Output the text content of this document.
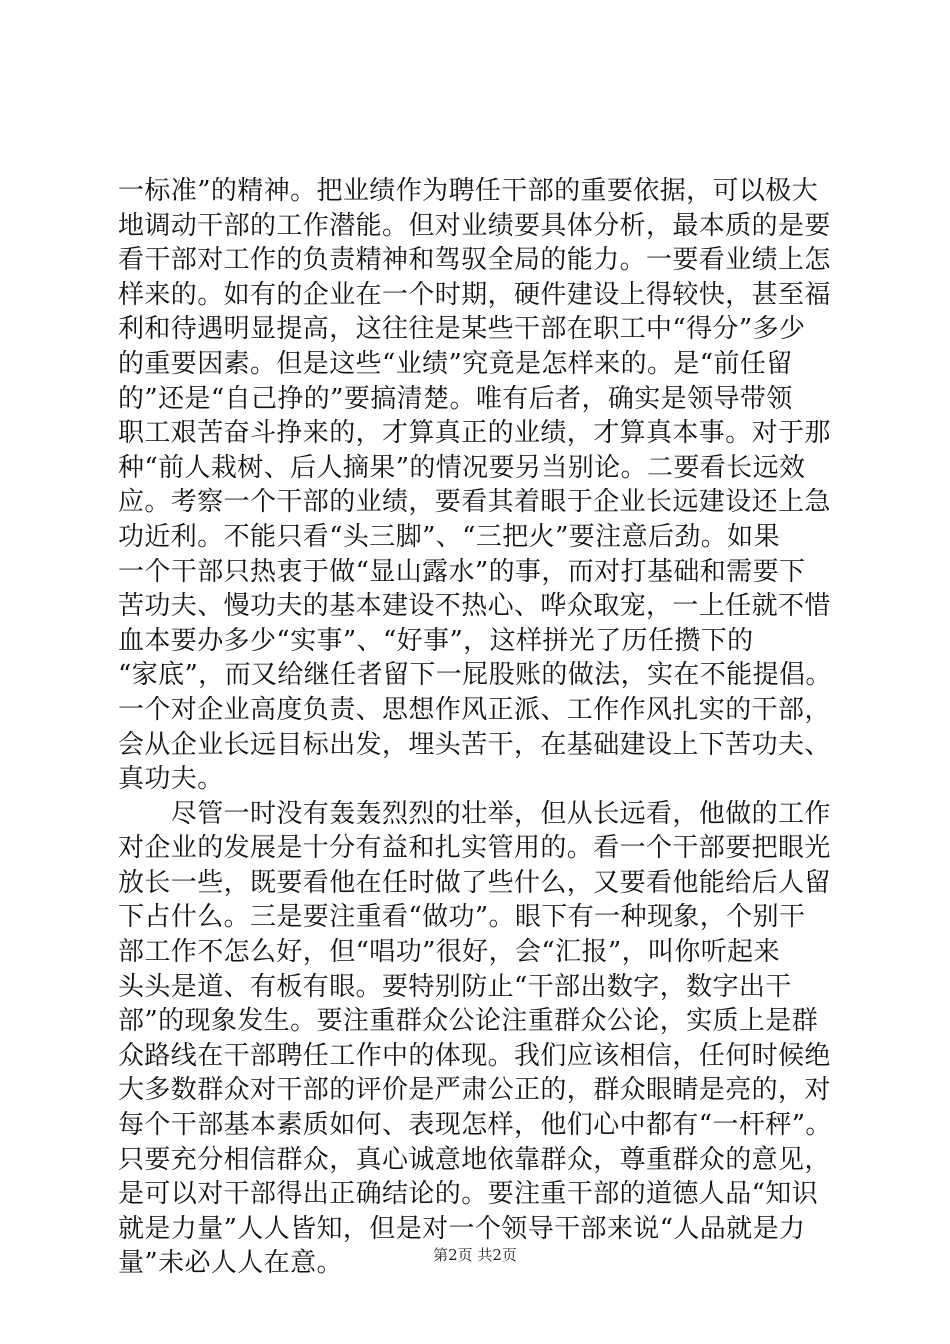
一标准”的精神。把业绩作为聘任干部的重要依据，可以极大
地调动干部的工作潜能。但对业绩要具体分析，最本质的是要
看干部对工作的负责精神和驾驭全局的能力。一要看业绩上怎
样来的。如有的企业在一个时期，硬件建设上得较快，甚至福
利和待遇明显提高，这往往是某些干部在职工中“得分”多少
的重要因素。但是这些“业绩”究竟是怎样来的。是“前任留
的”还是“自己挣的”要搞清楚。唯有后者，确实是领导带领
职工艰苦奋斗挣来的，才算真正的业绩，才算真本事。对于那
种“前人栽树、后人摘果”的情况要另当别论。二要看长远效
应。考察一个干部的业绩，要看其着眼于企业长远建设还上急
功近利。不能只看“头三脚”、“三把火”要注意后劲。如果
一个干部只热衷于做“显山露水”的事，而对打基础和需要下
苦功夫、慢功夫的基本建设不热心、哗众取宠，一上任就不惜
血本要办多少“实事”、“好事”，这样拼光了历任攒下的
“家底”，而又给继任者留下一屁股账的做法，实在不能提倡。
一个对企业高度负责、思想作风正派、工作作风扎实的干部，
会从企业长远目标出发，埋头苦干，在基础建设上下苦功夫、
真功夫。
　　尽管一时没有轰轰烈烈的壮举，但从长远看，他做的工作
对企业的发展是十分有益和扎实管用的。看一个干部要把眼光
放长一些，既要看他在任时做了些什么，又要看他能给后人留
下占什么。三是要注重看“做功”。眼下有一种现象，个别干
部工作不怎么好，但“唱功”很好，会“汇报”，叫你听起来
头头是道、有板有眼。要特别防止“干部出数字，数字出干
部”的现象发生。要注重群众公论注重群众公论，实质上是群
众路线在干部聘任工作中的体现。我们应该相信，任何时候绝
大多数群众对干部的评价是严肃公正的，群众眼睛是亮的，对
每个干部基本素质如何、表现怎样，他们心中都有“一杆秤”。
只要充分相信群众，真心诚意地依靠群众，尊重群众的意见，
是可以对干部得出正确结论的。要注重干部的道德人品“知识
就是力量”人人皆知，但是对一个领导干部来说“人品就是力
量”未必人人在意。	第2页 共2页
